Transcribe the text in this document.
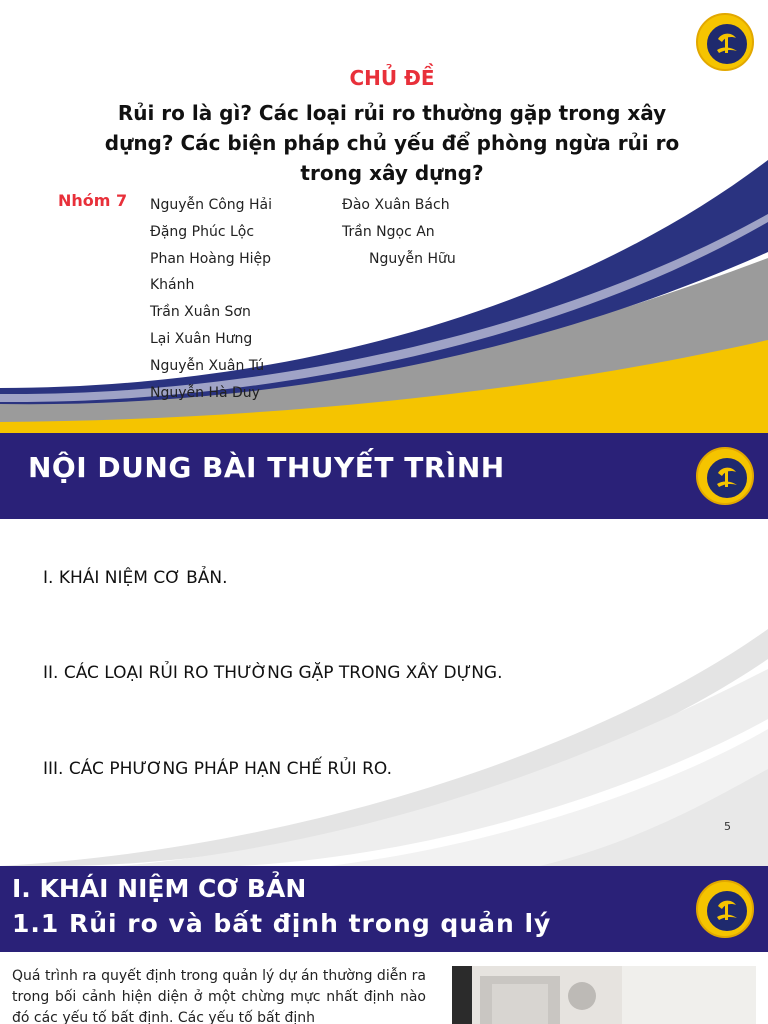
CHỦ ĐỀ
Rủi ro là gì? Các loại rủi ro thường gặp trong xây dựng? Các biện pháp chủ yếu để phòng ngừa rủi ro trong xây dựng?
Nhóm 7 Nguyễn Công Hải
Đặng Phúc Lộc
Phan Hoàng Hiệp
Khánh
Trần Xuân Sơn
Lại Xuân Hưng
Nguyễn Xuân Tú
Nguyễn Hà Duy
Đào Xuân Bách
Trần Ngọc An
Nguyễn Hữu
NỘI DUNG BÀI THUYẾT TRÌNH
I. KHÁI NIỆM CƠ BẢN.
II. CÁC LOẠI RỦI RO THƯỜNG GẶP TRONG XÂY DỰNG.
III. CÁC PHƯƠNG PHÁP HẠN CHẾ RỦI RO.
5
I. KHÁI NIỆM CƠ BẢN
1.1 Rủi ro và bất định trong quản lý
Quá trình ra quyết định trong quản lý dự án thường diễn ra trong bối cảnh hiện diện ở một chừng mực nhất định nào đó các yếu tố bất định. Các yếu tố bất định
